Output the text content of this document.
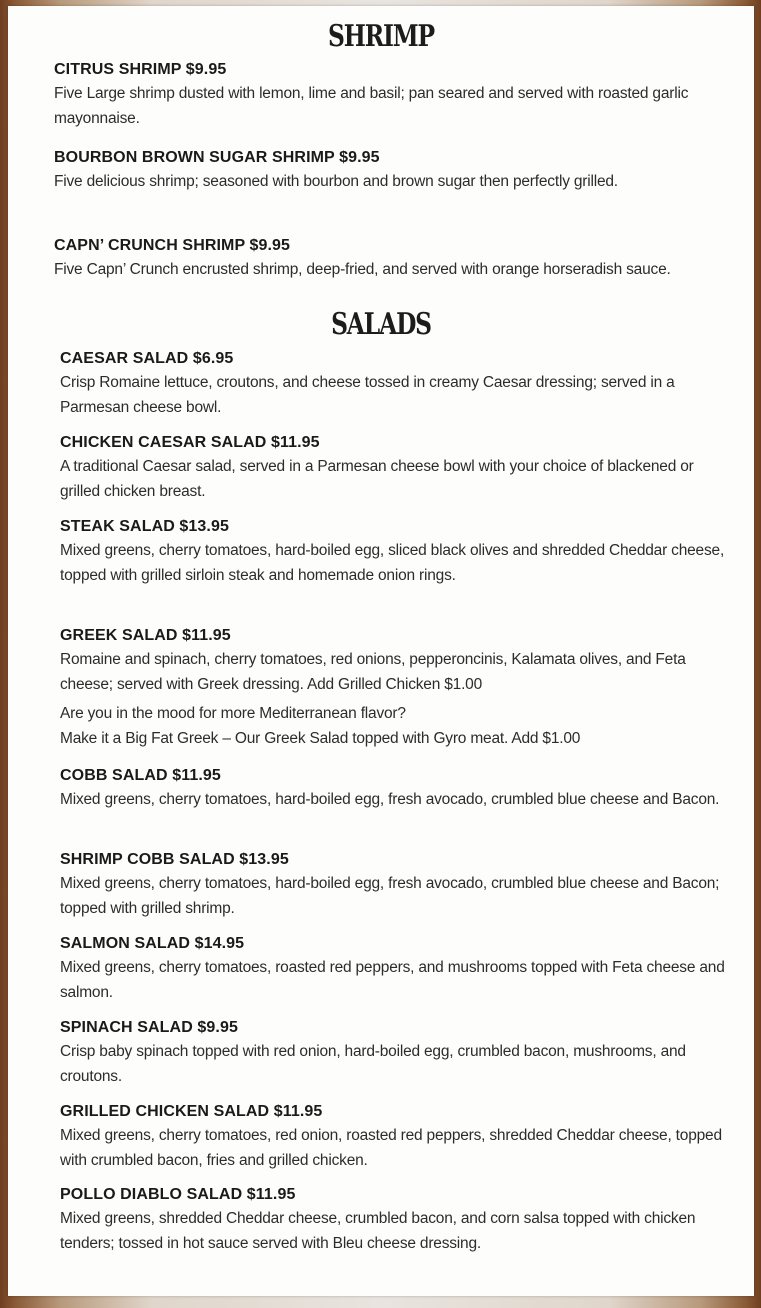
SHRIMP
CITRUS SHRIMP $9.95
Five Large shrimp dusted with lemon, lime and basil; pan seared and served with roasted garlic mayonnaise.
BOURBON BROWN SUGAR SHRIMP $9.95
Five delicious shrimp; seasoned with bourbon and brown sugar then perfectly grilled.
CAPN’ CRUNCH SHRIMP $9.95
Five Capn’ Crunch encrusted shrimp, deep-fried, and served with orange horseradish sauce.
SALADS
CAESAR SALAD $6.95
Crisp Romaine lettuce, croutons, and cheese tossed in creamy Caesar dressing; served in a Parmesan cheese bowl.
CHICKEN CAESAR SALAD $11.95
A traditional Caesar salad, served in a Parmesan cheese bowl with your choice of blackened or grilled chicken breast.
STEAK SALAD $13.95
Mixed greens, cherry tomatoes, hard-boiled egg, sliced black olives and shredded Cheddar cheese, topped with grilled sirloin steak and homemade onion rings.
GREEK SALAD $11.95
Romaine and spinach, cherry tomatoes, red onions, pepperoncinis, Kalamata olives, and Feta cheese; served with Greek dressing. Add Grilled Chicken $1.00
Are you in the mood for more Mediterranean flavor?
Make it a Big Fat Greek – Our Greek Salad topped with Gyro meat. Add $1.00
COBB SALAD $11.95
Mixed greens, cherry tomatoes, hard-boiled egg, fresh avocado, crumbled blue cheese and Bacon.
SHRIMP COBB SALAD $13.95
Mixed greens, cherry tomatoes, hard-boiled egg, fresh avocado, crumbled blue cheese and Bacon; topped with grilled shrimp.
SALMON SALAD $14.95
Mixed greens, cherry tomatoes, roasted red peppers, and mushrooms topped with Feta cheese and salmon.
SPINACH SALAD $9.95
Crisp baby spinach topped with red onion, hard-boiled egg, crumbled bacon, mushrooms, and croutons.
GRILLED CHICKEN SALAD $11.95
Mixed greens, cherry tomatoes, red onion, roasted red peppers, shredded Cheddar cheese, topped with crumbled bacon, fries and grilled chicken.
POLLO DIABLO SALAD $11.95
Mixed greens, shredded Cheddar cheese, crumbled bacon, and corn salsa topped with chicken tenders; tossed in hot sauce served with Bleu cheese dressing.
